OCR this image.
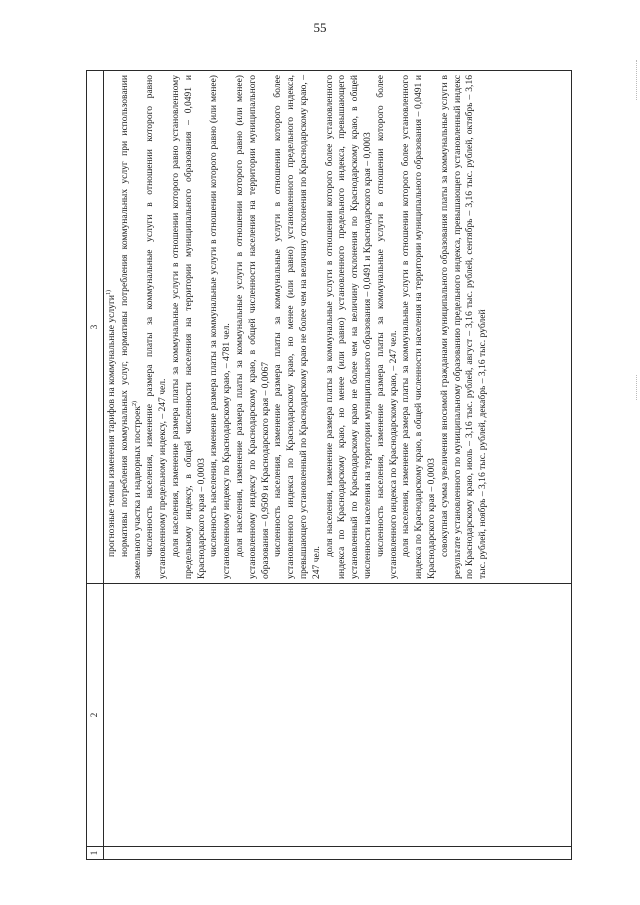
55
1
2
3 прогнозные темпы изменения тарифов на коммунальные услуги$^{1)}$ нормативы потребления коммунальных услуг, нормативы потребления коммунальных услуг при использовании земельного участка и надворных построек$^{2)}$ численность населения, изменение размера платы за коммунальные услуги в отношении которого равно установленному предельному индексу, – 247 чел. доля населения, изменение размера платы за коммунальные услуги в отношении которого равно установленному предельному индексу, в общей численности населения на территории муниципального образования – 0,0491 и Краснодарского края – 0,0003 численность населения, изменение размера платы за коммунальные услуги в отношении которого равно (или менее) установленному индексу по Краснодарскому краю, – 4781 чел. доля населения, изменение размера платы за коммунальные услуги в отношении которого равно (или менее) установленному индексу по Краснодарскому краю, в общей численности населения на территории муниципального образования – 0,9509 и Краснодарского края – 0,0067 численность населения, изменение размера платы за коммунальные услуги в отношении которого более установленного индекса по Краснодарскому краю, но менее (или равно) установленного предельного индекса, превышающего установленный по Краснодарскому краю не более чем на величину отклонения по Краснодарскому краю, – 247 чел.

доля населения, изменение размера платы за коммунальные услуги в отношении которого более установленного индекса по Краснодарскому краю, но менее (или равно) установленного предельного индекса, превышающего установленный по Краснодарскому краю не более чем на величину отклонения по Краснодарскому краю, в общей численности населения на территории муниципального образования – 0,0491 и Краснодарского края – 0,0003 численность населения, изменение размера платы за коммунальные услуги в отношении которого более установленного индекса по Краснодарскому краю, – 247 чел. доля населения, изменение размера платы за коммунальные услуги в отношении которого более установленного индекса по Краснодарскому краю, в общей численности населения на территории муниципального образования – 0,0491 и Краснодарского края – 0,0003 совокупная сумма увеличения вносимой гражданами муниципального образования платы за коммунальные услуги в результате установленного по муниципальному образованию предельного индекса, превышающего установленный индекс по Краснодарскому краю, июль – 3,16 тыс. рублей, август – 3,16 тыс. рублей, сентябрь – 3,16 тыс. рублей, октябрь – 3,16 тыс. рублей, ноябрь – 3,16 тыс. рублей, декабрь – 3,16 тыс. рублей
